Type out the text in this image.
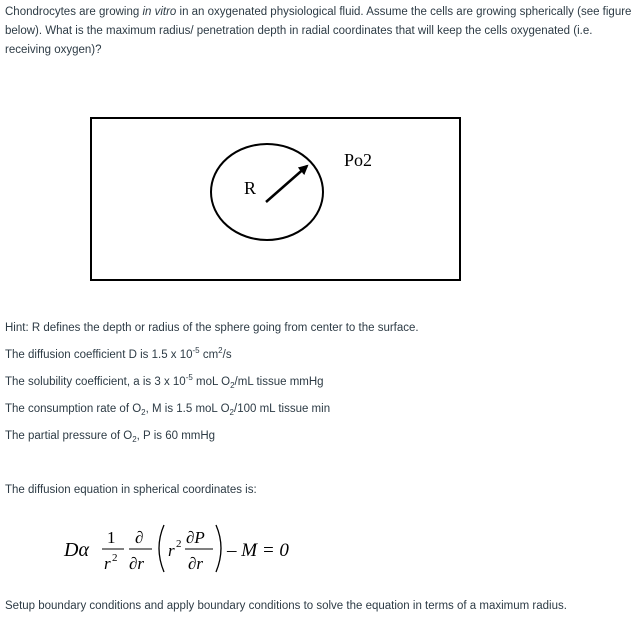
Chondrocytes are growing in vitro in an oxygenated physiological fluid. Assume the cells are growing spherically (see figure below). What is the maximum radius/ penetration depth in radial coordinates that will keep the cells oxygenated (i.e. receiving oxygen)?
R
Po2
Hint: R defines the depth or radius of the sphere going from center to the surface.
The diffusion coefficient D is 1.5 x $10^{-5}$ $cm^2/s$
The solubility coefficient, a is 3 x $10^{-5}$ moL $O_2/mL$ tissue mmHg
The consumption rate of $O_2$, M is 1.5 moL $O_2/100$ mL tissue min
The partial pressure of $O_2$, P is 60 mmHg
The diffusion equation in spherical coordinates is:
Dα
1
r 2
∂
∂r
r 2 ∂P
∂r
– M = 0
Setup boundary conditions and apply boundary conditions to solve the equation in terms of a maximum radius.
